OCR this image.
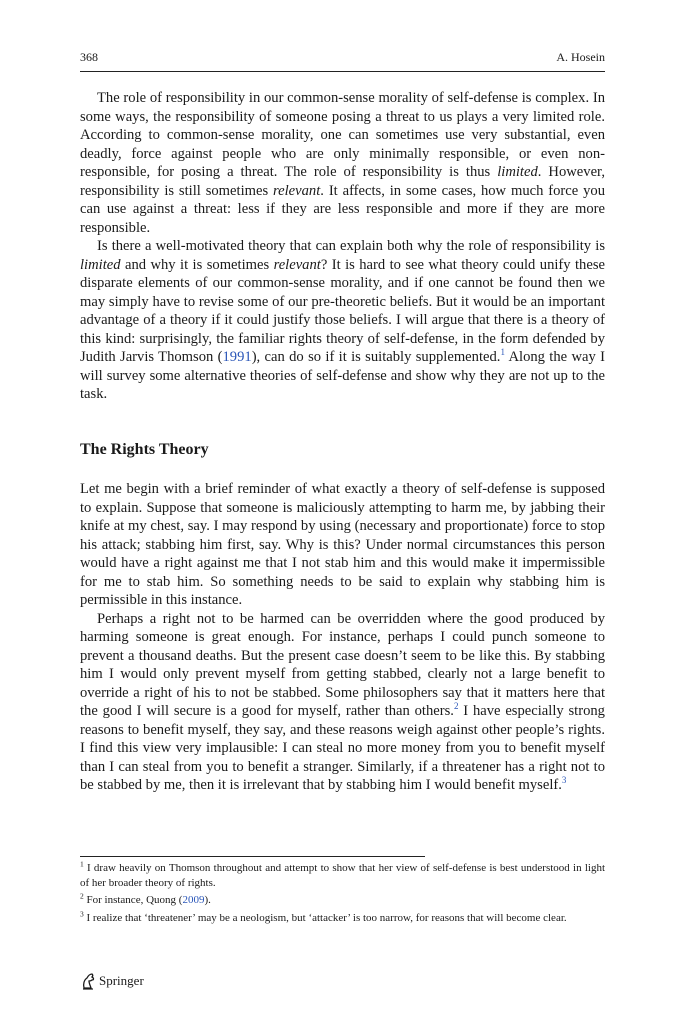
368	A. Hosein

The role of responsibility in our common-sense morality of self-defense is complex. In some ways, the responsibility of someone posing a threat to us plays a very limited role. According to common-sense morality, one can sometimes use very substantial, even deadly, force against people who are only minimally responsible, or even non-responsible, for posing a threat. The role of responsibility is thus limited. However, responsibility is still sometimes relevant. It affects, in some cases, how much force you can use against a threat: less if they are less responsible and more if they are more responsible.

Is there a well-motivated theory that can explain both why the role of responsibility is limited and why it is sometimes relevant? It is hard to see what theory could unify these disparate elements of our common-sense morality, and if one cannot be found then we may simply have to revise some of our pre-theoretic beliefs. But it would be an important advantage of a theory if it could justify those beliefs. I will argue that there is a theory of this kind: surprisingly, the familiar rights theory of self-defense, in the form defended by Judith Jarvis Thomson (1991), can do so if it is suitably supplemented.$^1$ Along the way I will survey some alternative theories of self-defense and show why they are not up to the task.

The Rights Theory

Let me begin with a brief reminder of what exactly a theory of self-defense is supposed to explain. Suppose that someone is maliciously attempting to harm me, by jabbing their knife at my chest, say. I may respond by using (necessary and proportionate) force to stop his attack; stabbing him first, say. Why is this? Under normal circumstances this person would have a right against me that I not stab him and this would make it impermissible for me to stab him. So something needs to be said to explain why stabbing him is permissible in this instance.

Perhaps a right not to be harmed can be overridden where the good produced by harming someone is great enough. For instance, perhaps I could punch someone to prevent a thousand deaths. But the present case doesn’t seem to be like this. By stabbing him I would only prevent myself from getting stabbed, clearly not a large benefit to override a right of his to not be stabbed. Some philosophers say that it matters here that the good I will secure is a good for myself, rather than others.$^2$ I have especially strong reasons to benefit myself, they say, and these reasons weigh against other people’s rights. I find this view very implausible: I can steal no more money from you to benefit myself than I can steal from you to benefit a stranger. Similarly, if a threatener has a right not to be stabbed by me, then it is irrelevant that by stabbing him I would benefit myself.$^3$

$^1$ I draw heavily on Thomson throughout and attempt to show that her view of self-defense is best understood in light of her broader theory of rights.

$^2$ For instance, Quong (2009).

$^3$ I realize that ‘threatener’ may be a neologism, but ‘attacker’ is too narrow, for reasons that will become clear.

Springer
